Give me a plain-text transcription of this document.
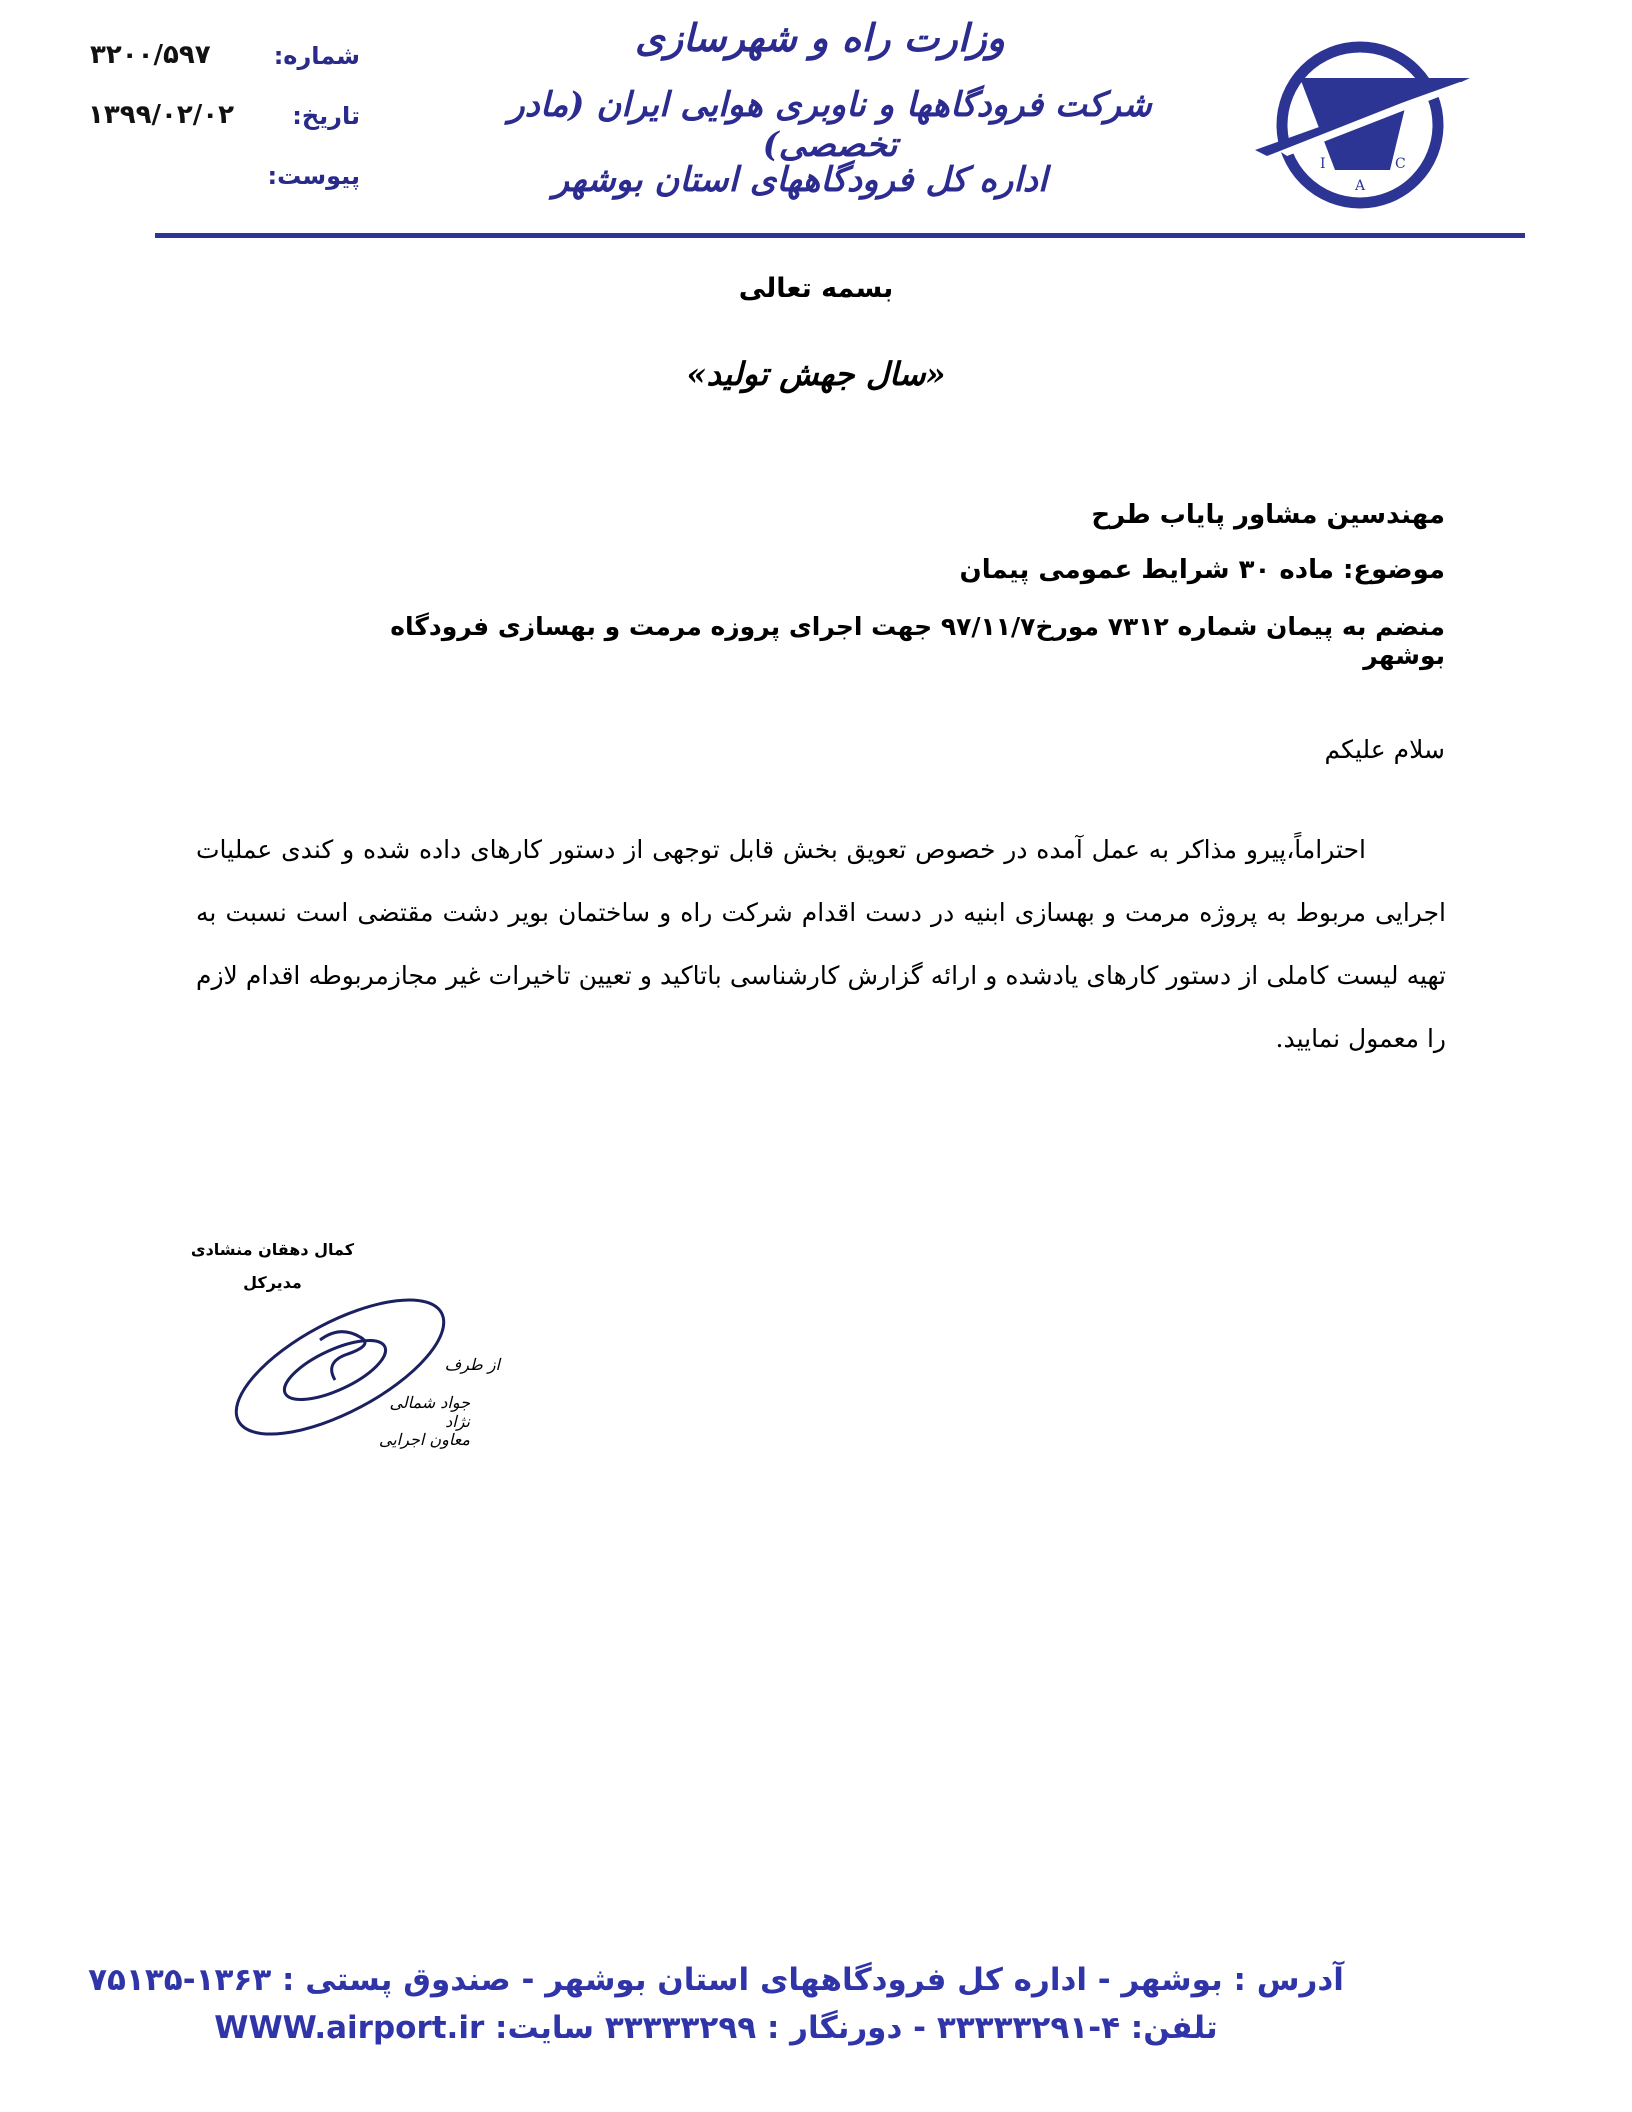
I	C
A
وزارت راه و شهرسازی
شرکت فرودگاهها و ناوبری هوایی ایران (مادر تخصصی)
اداره کل فرودگاههای استان بوشهر
شماره:
۳۲۰۰/۵۹۷
تاریخ:
۱۳۹۹/۰۲/۰۲
پیوست:
بسمه تعالی
«سال جهش تولید»
مهندسین مشاور پایاب طرح
موضوع: ماده ۳۰ شرایط عمومی پیمان
منضم به پیمان شماره ۷۳۱۲ مورخ۹۷/۱۱/۷ جهت اجرای پروزه مرمت و بهسازی فرودگاه بوشهر
سلام علیکم
احتراماً،پیرو مذاکر به عمل آمده در خصوص تعویق بخش قابل توجهی از دستور کارهای داده شده و کندی عملیات اجرایی مربوط به پروژه مرمت و بهسازی ابنیه در دست اقدام شرکت راه و ساختمان بویر دشت مقتضی است نسبت به تهیه لیست کاملی از دستور کارهای یادشده و ارائه گزارش کارشناسی باتاکید و تعیین تاخیرات غیر مجازمربوطه اقدام لازم را معمول نمایید.
کمال دهقان منشادی
مدیرکل
از طرف
جواد شمالی نژاد
معاون اجرایی
آدرس : بوشهر - اداره کل فرودگاههای استان بوشهر - صندوق پستی : ۱۳۶۳-۷۵۱۳۵
تلفن: ۴-۳۳۳۳۳۲۹۱ - دورنگار : ۳۳۳۳۳۲۹۹ سایت: WWW.airport.ir
